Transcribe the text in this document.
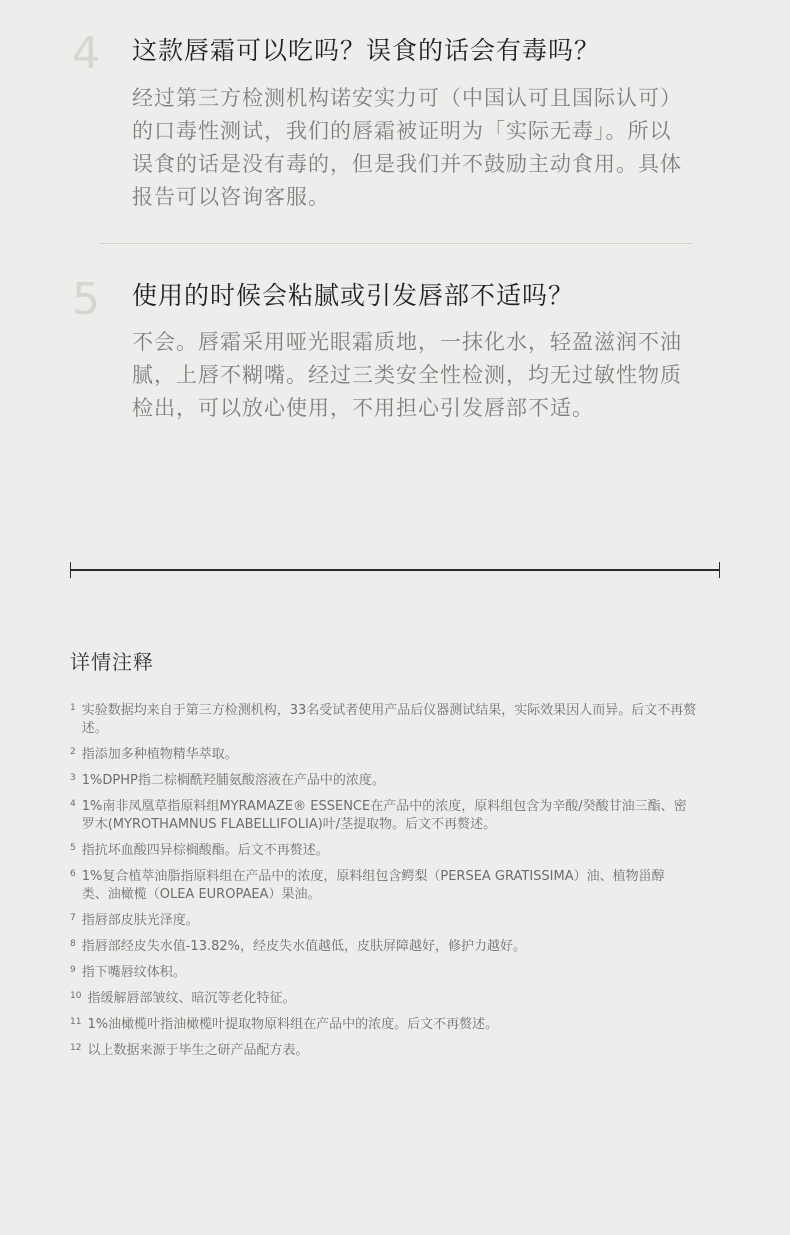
4 这款唇霜可以吃吗？误食的话会有毒吗？
经过第三方检测机构诺安实力可（中国认可且国际认可）
的口毒性测试，我们的唇霜被证明为「实际无毒」。所以
误食的话是没有毒的，但是我们并不鼓励主动食用。具体
报告可以咨询客服。
5 使用的时候会粘腻或引发唇部不适吗？
不会。唇霜采用哑光眼霜质地，一抹化水，轻盈滋润不油
腻，上唇不糊嘴。经过三类安全性检测，均无过敏性物质
检出，可以放心使用，不用担心引发唇部不适。
详情注释
1 实验数据均来自于第三方检测机构，33名受试者使用产品后仪器测试结果，实际效果因人而异。后文不再赘
述。
2 指添加多种植物精华萃取。
3 1%DPHP指二棕榈酰羟脯氨酸溶液在产品中的浓度。
4 1%南非凤凰草指原料组MYRAMAZE® ESSENCE在产品中的浓度，原料组包含为辛酸/癸酸甘油三酯、密
罗木(MYROTHAMNUS FLABELLIFOLIA)叶/茎提取物。后文不再赘述。
5 指抗坏血酸四异棕榈酸酯。后文不再赘述。
6 1%复合植萃油脂指原料组在产品中的浓度，原料组包含鳄梨（PERSEA GRATISSIMA）油、植物甾醇
类、油橄榄（OLEA EUROPAEA）果油。
7 指唇部皮肤光泽度。
8 指唇部经皮失水值-13.82%，经皮失水值越低，皮肤屏障越好，修护力越好。
9 指下嘴唇纹体积。
10 指缓解唇部皱纹、暗沉等老化特征。
11 1%油橄榄叶指油橄榄叶提取物原料组在产品中的浓度。后文不再赘述。
12 以上数据来源于毕生之研产品配方表。
